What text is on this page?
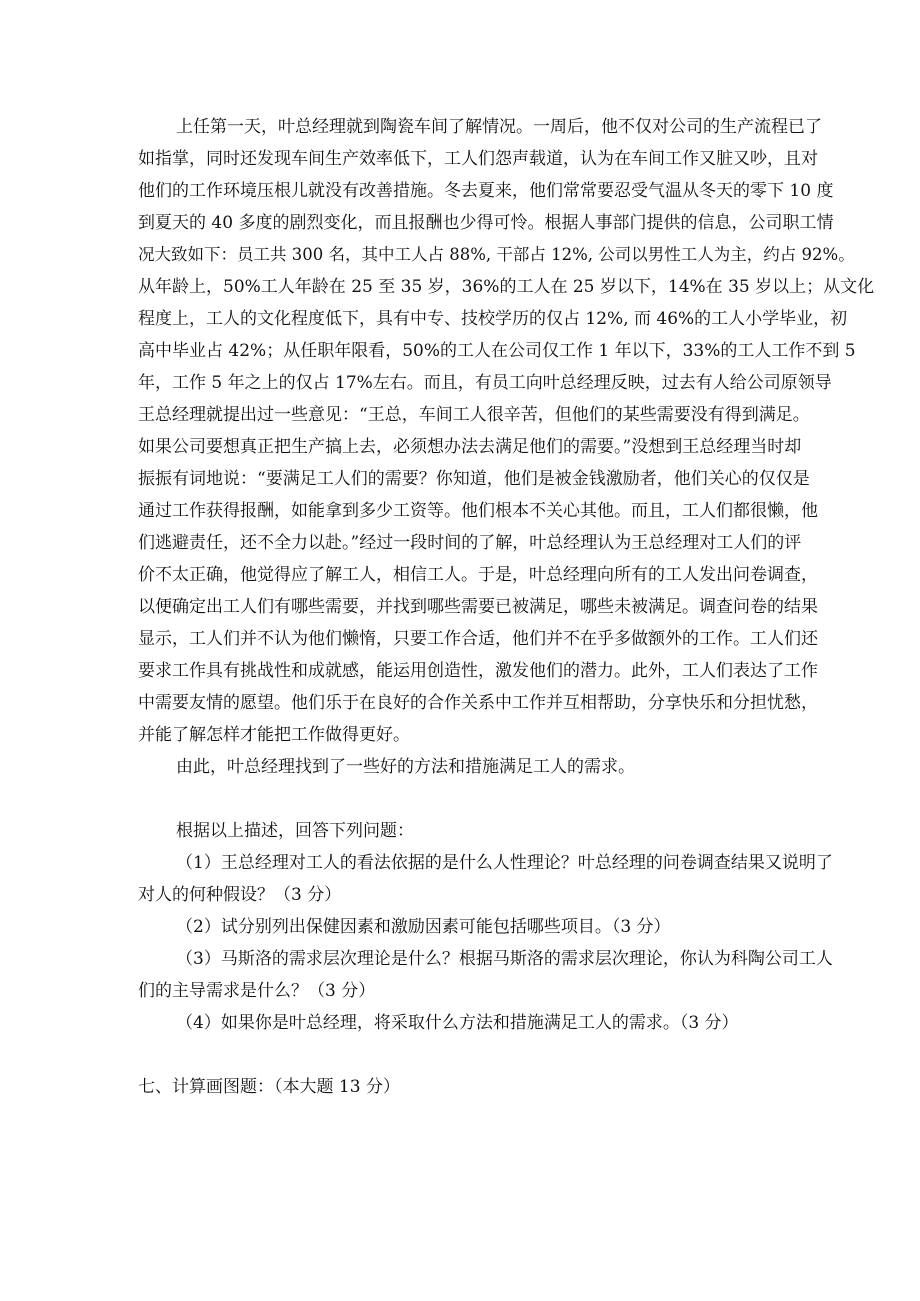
上任第一天，叶总经理就到陶瓷车间了解情况。一周后，他不仅对公司的生产流程已了
如指掌，同时还发现车间生产效率低下，工人们怨声载道，认为在车间工作又脏又吵，且对
他们的工作环境压根儿就没有改善措施。冬去夏来，他们常常要忍受气温从冬天的零下 10 度
到夏天的 40 多度的剧烈变化，而且报酬也少得可怜。根据人事部门提供的信息，公司职工情
况大致如下：员工共 300 名，其中工人占 88%, 干部占 12%, 公司以男性工人为主，约占 92%。
从年龄上，50%工人年龄在 25 至 35 岁，36%的工人在 25 岁以下，14%在 35 岁以上；从文化
程度上，工人的文化程度低下，具有中专、技校学历的仅占 12%, 而 46%的工人小学毕业，初
高中毕业占 42%；从任职年限看，50%的工人在公司仅工作 1 年以下，33%的工人工作不到 5
年，工作 5 年之上的仅占 17%左右。而且，有员工向叶总经理反映，过去有人给公司原领导
王总经理就提出过一些意见：“王总，车间工人很辛苦，但他们的某些需要没有得到满足。
如果公司要想真正把生产搞上去，必须想办法去满足他们的需要。”没想到王总经理当时却
振振有词地说：“要满足工人们的需要？你知道，他们是被金钱激励者，他们关心的仅仅是
通过工作获得报酬，如能拿到多少工资等。他们根本不关心其他。而且，工人们都很懒，他
们逃避责任，还不全力以赴。”经过一段时间的了解，叶总经理认为王总经理对工人们的评
价不太正确，他觉得应了解工人，相信工人。于是，叶总经理向所有的工人发出问卷调查，
以便确定出工人们有哪些需要，并找到哪些需要已被满足，哪些未被满足。调查问卷的结果
显示，工人们并不认为他们懒惰，只要工作合适，他们并不在乎多做额外的工作。工人们还
要求工作具有挑战性和成就感，能运用创造性，激发他们的潜力。此外，工人们表达了工作
中需要友情的愿望。他们乐于在良好的合作关系中工作并互相帮助，分享快乐和分担忧愁，
并能了解怎样才能把工作做得更好。
由此，叶总经理找到了一些好的方法和措施满足工人的需求。
根据以上描述，回答下列问题：
（1）王总经理对工人的看法依据的是什么人性理论？叶总经理的问卷调查结果又说明了
对人的何种假设？（3 分）
（2）试分别列出保健因素和激励因素可能包括哪些项目。（3 分）
（3）马斯洛的需求层次理论是什么？根据马斯洛的需求层次理论，你认为科陶公司工人
们的主导需求是什么？（3 分）
（4）如果你是叶总经理，将采取什么方法和措施满足工人的需求。（3 分）
七、计算画图题：（本大题 13 分）
